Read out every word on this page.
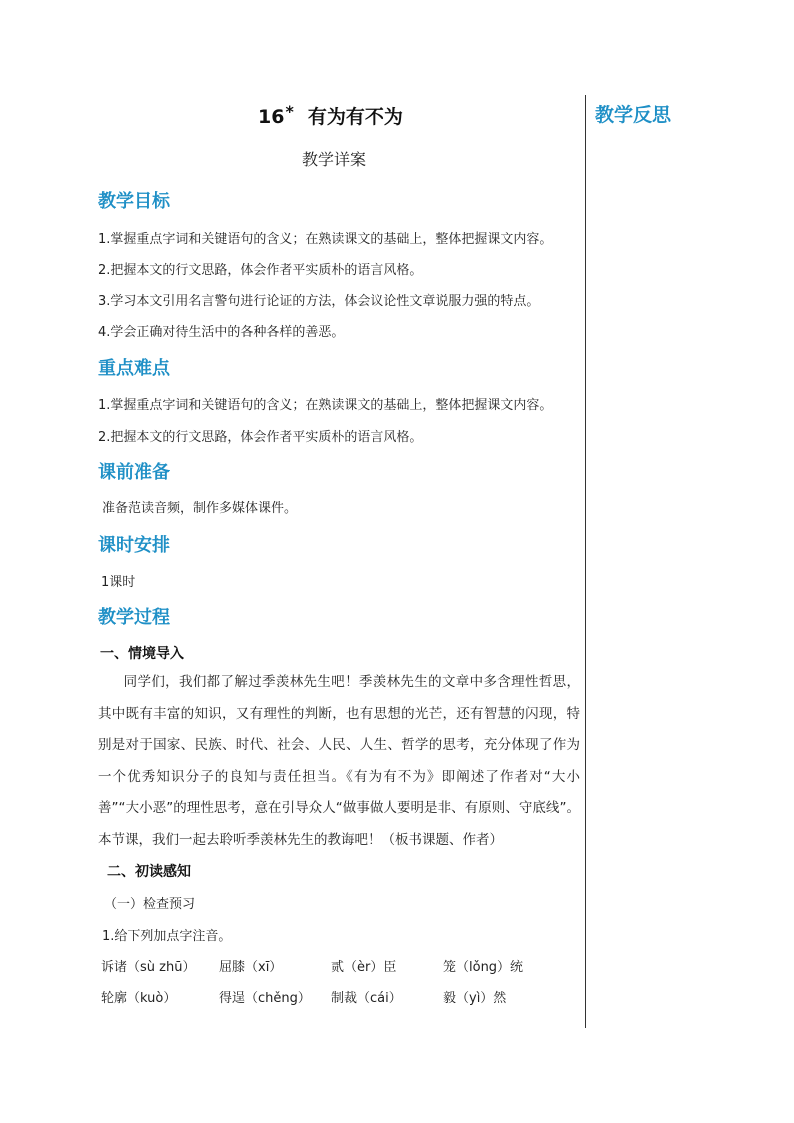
教学反思
16* 有为有不为
教学详案
教学目标
1.掌握重点字词和关键语句的含义；在熟读课文的基础上，整体把握课文内容。
2.把握本文的行文思路，体会作者平实质朴的语言风格。
3.学习本文引用名言警句进行论证的方法，体会议论性文章说服力强的特点。
4.学会正确对待生活中的各种各样的善恶。
重点难点
1.掌握重点字词和关键语句的含义；在熟读课文的基础上，整体把握课文内容。
2.把握本文的行文思路，体会作者平实质朴的语言风格。
课前准备
准备范读音频，制作多媒体课件。
课时安排
1课时
教学过程
一、情境导入
同学们，我们都了解过季羡林先生吧！季羡林先生的文章中多含理性哲思，其中既有丰富的知识，又有理性的判断，也有思想的光芒，还有智慧的闪现，特别是对于国家、民族、时代、社会、人民、人生、哲学的思考，充分体现了作为一个优秀知识分子的良知与责任担当。《有为有不为》即阐述了作者对“大小善”“大小恶”的理性思考，意在引导众人“做事做人要明是非、有原则、守底线”。本节课，我们一起去聆听季羡林先生的教诲吧！（板书课题、作者）
二、初读感知
（一）检查预习
1.给下列加点字注音。
诉诸（sù zhū） 屈膝（xī）	贰（èr）臣	笼（lǒng）统
轮廓（kuò）	得逞（chěng） 制裁（cái）	毅（yì）然
